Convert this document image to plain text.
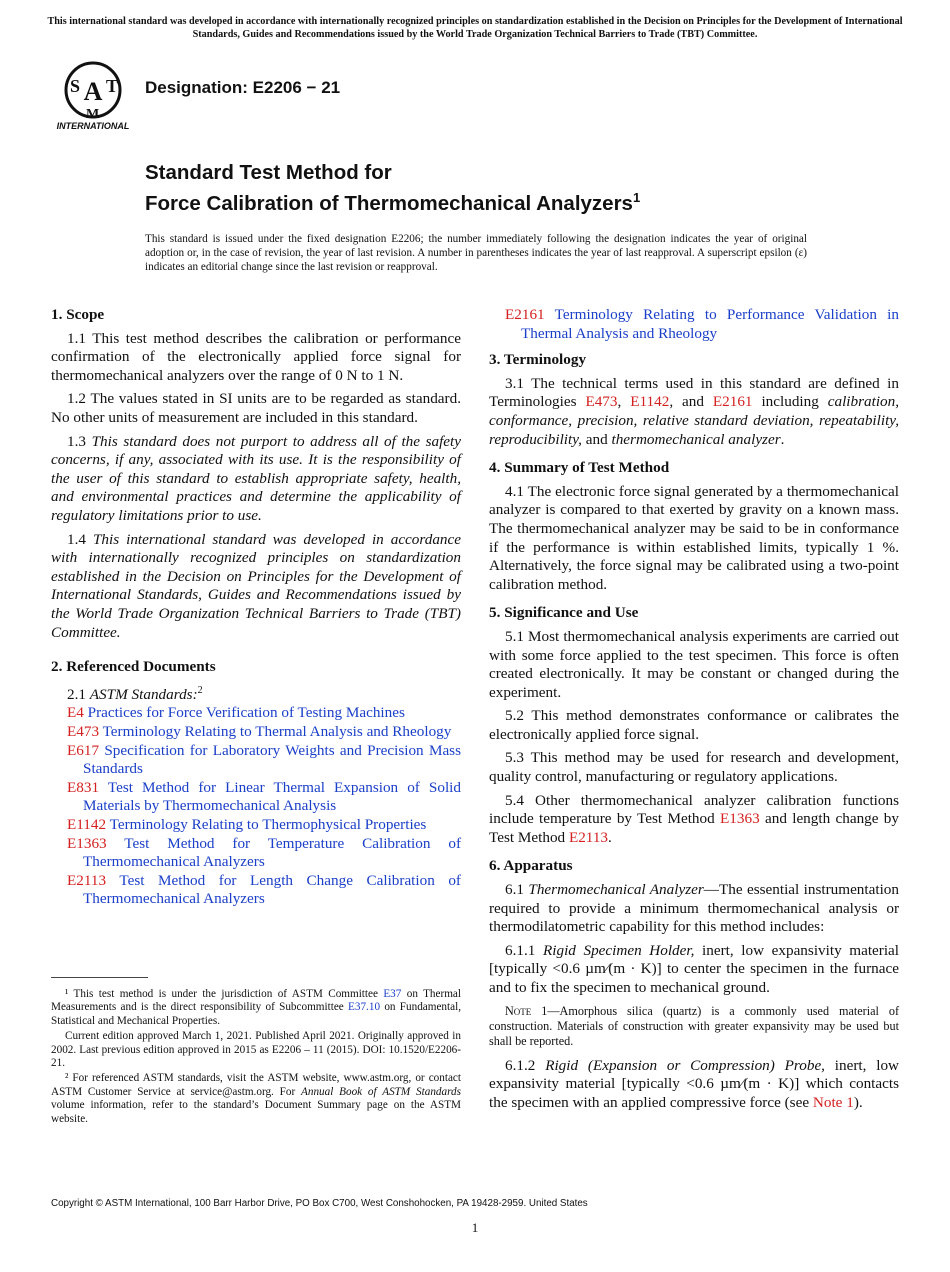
This international standard was developed in accordance with internationally recognized principles on standardization established in the Decision on Principles for the Development of International Standards, Guides and Recommendations issued by the World Trade Organization Technical Barriers to Trade (TBT) Committee.
A
S T
M
INTERNATIONAL
Designation: E2206 − 21
Standard Test Method for
Force Calibration of Thermomechanical Analyzers$^1$
This standard is issued under the fixed designation E2206; the number immediately following the designation indicates the year of original adoption or, in the case of revision, the year of last revision. A number in parentheses indicates the year of last reapproval. A superscript epsilon (ε) indicates an editorial change since the last revision or reapproval.
1. Scope

1.1 This test method describes the calibration or performance confirmation of the electronically applied force signal for thermomechanical analyzers over the range of 0 N to 1 N.

1.2 The values stated in SI units are to be regarded as standard. No other units of measurement are included in this standard.

1.3 This standard does not purport to address all of the safety concerns, if any, associated with its use. It is the responsibility of the user of this standard to establish appropriate safety, health, and environmental practices and determine the applicability of regulatory limitations prior to use.

1.4 This international standard was developed in accordance with internationally recognized principles on standardization established in the Decision on Principles for the Development of International Standards, Guides and Recommendations issued by the World Trade Organization Technical Barriers to Trade (TBT) Committee.

2. Referenced Documents
2.1 ASTM Standards:$^2$
E4 Practices for Force Verification of Testing Machines
E473 Terminology Relating to Thermal Analysis and Rheology
E617 Specification for Laboratory Weights and Precision Mass Standards
E831 Test Method for Linear Thermal Expansion of Solid Materials by Thermomechanical Analysis
E1142 Terminology Relating to Thermophysical Properties
E1363 Test Method for Temperature Calibration of Thermomechanical Analyzers
E2113 Test Method for Length Change Calibration of Thermomechanical Analyzers
¹ This test method is under the jurisdiction of ASTM Committee E37 on Thermal Measurements and is the direct responsibility of Subcommittee E37.10 on Fundamental, Statistical and Mechanical Properties.
Current edition approved March 1, 2021. Published April 2021. Originally approved in 2002. Last previous edition approved in 2015 as E2206 – 11 (2015). DOI: 10.1520/E2206-21.
² For referenced ASTM standards, visit the ASTM website, www.astm.org, or contact ASTM Customer Service at service@astm.org. For Annual Book of ASTM Standards volume information, refer to the standard’s Document Summary page on the ASTM website.
E2161 Terminology Relating to Performance Validation in Thermal Analysis and Rheology
3. Terminology

3.1 The technical terms used in this standard are defined in Terminologies E473, E1142, and E2161 including calibration, conformance, precision, relative standard deviation, repeatability, reproducibility, and thermomechanical analyzer.

4. Summary of Test Method

4.1 The electronic force signal generated by a thermomechanical analyzer is compared to that exerted by gravity on a known mass. The thermomechanical analyzer may be said to be in conformance if the performance is within established limits, typically 1 %. Alternatively, the force signal may be calibrated using a two-point calibration method.

5. Significance and Use

5.1 Most thermomechanical analysis experiments are carried out with some force applied to the test specimen. This force is often created electronically. It may be constant or changed during the experiment.

5.2 This method demonstrates conformance or calibrates the electronically applied force signal.

5.3 This method may be used for research and development, quality control, manufacturing or regulatory applications.

5.4 Other thermomechanical analyzer calibration functions include temperature by Test Method E1363 and length change by Test Method E2113.

6. Apparatus

6.1 Thermomechanical Analyzer—The essential instrumentation required to provide a minimum thermomechanical analysis or thermodilatometric capability for this method includes:

6.1.1 Rigid Specimen Holder, inert, low expansivity material [typically <0.6 µm⁄(m · K)] to center the specimen in the furnace and to fix the specimen to mechanical ground.

Note 1—Amorphous silica (quartz) is a commonly used material of construction. Materials of construction with greater expansivity may be used but shall be reported.

6.1.2 Rigid (Expansion or Compression) Probe, inert, low expansivity material [typically <0.6 µm⁄(m · K)] which contacts the specimen with an applied compressive force (see Note 1).

Copyright © ASTM International, 100 Barr Harbor Drive, PO Box C700, West Conshohocken, PA 19428-2959. United States
1
